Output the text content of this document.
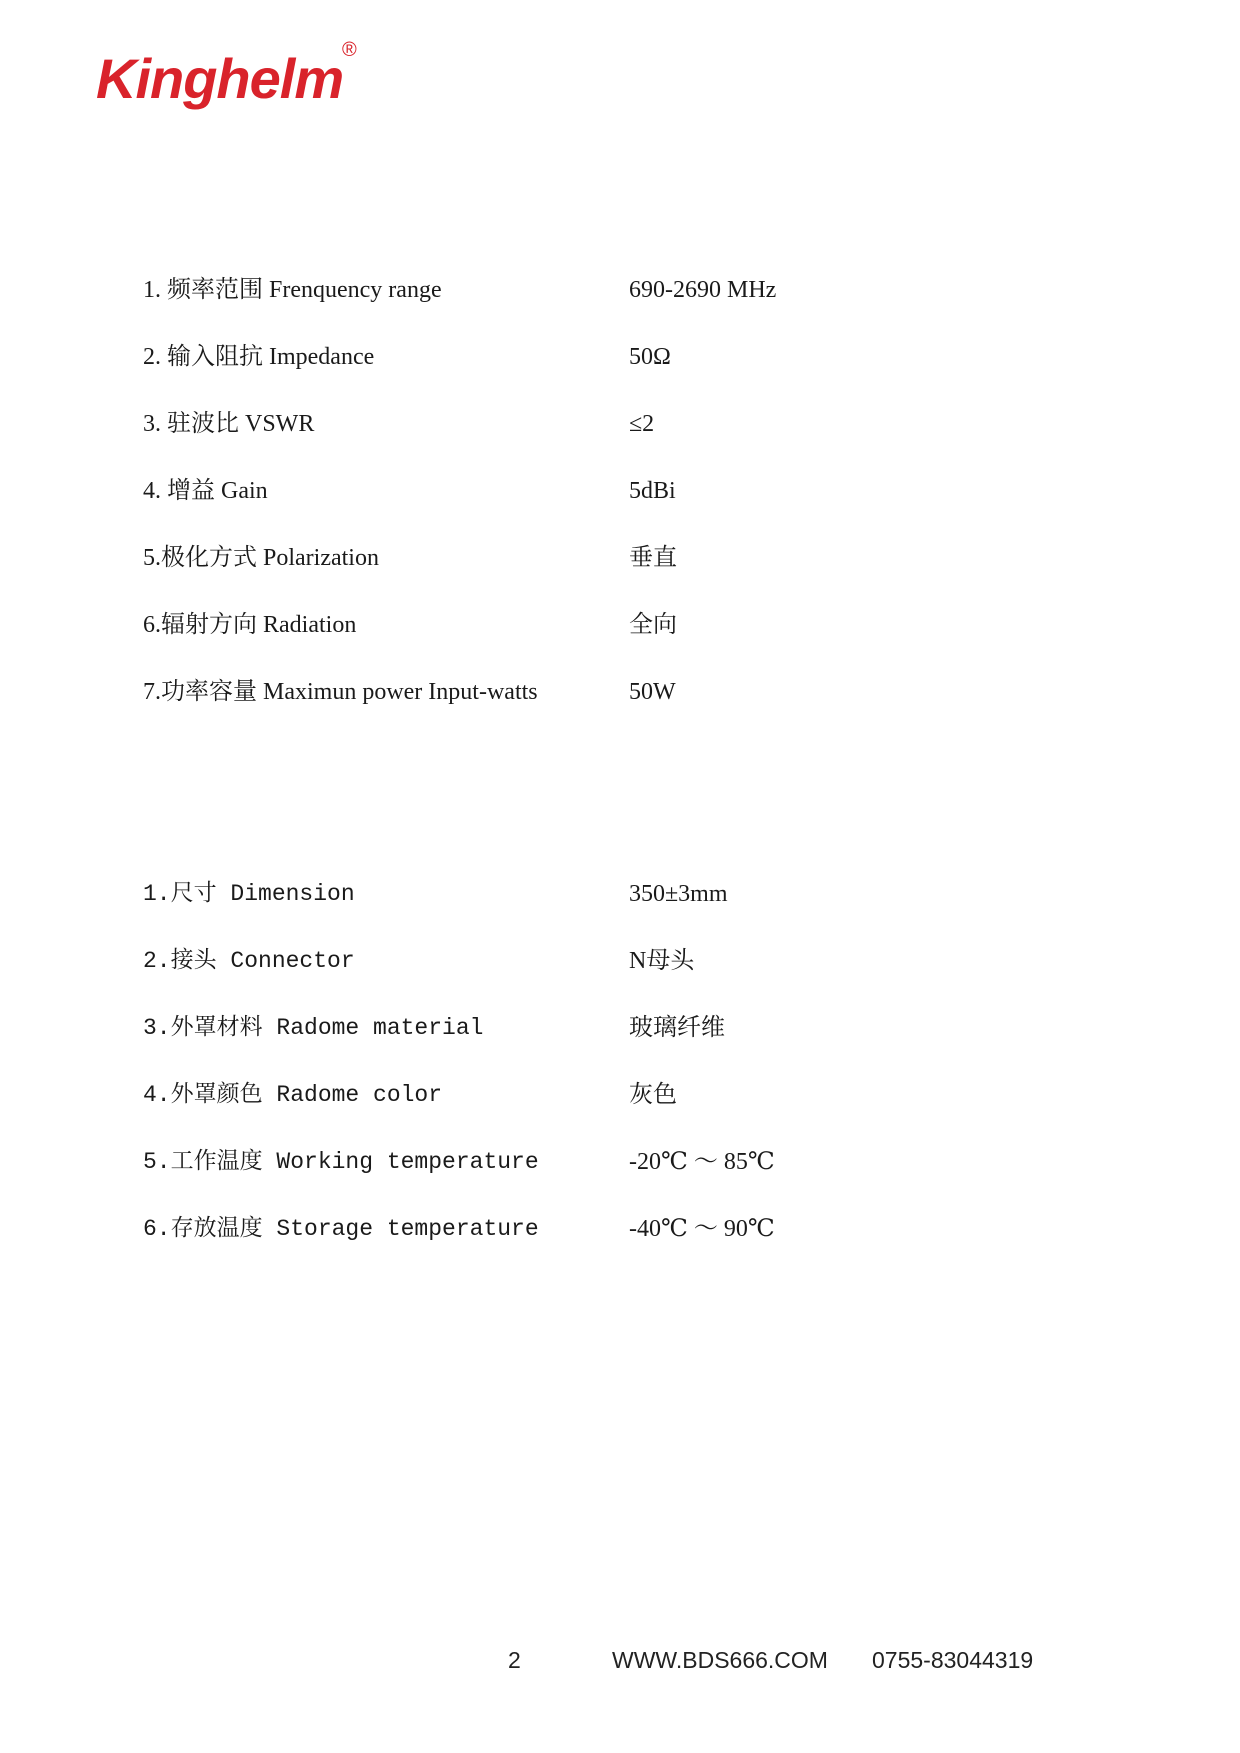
Kinghelm
®
1. 频率范围 Frenquency range	690-2690 MHz
2. 输入阻抗 Impedance	50Ω
3. 驻波比 VSWR	≤2
4. 增益 Gain	5dBi
5.极化方式 Polarization	垂直
6.辐射方向 Radiation	全向
7.功率容量 Maximun power Input-watts	50W
1.尺寸 Dimension	350±3mm
2.接头 Connector	N母头
3.外罩材料 Radome material	玻璃纤维
4.外罩颜色 Radome color	灰色
5.工作温度 Working temperature	-20℃ ～ 85℃
6.存放温度 Storage temperature	-40℃ ～ 90℃
2	WWW.BDS666.COM 0755-83044319
